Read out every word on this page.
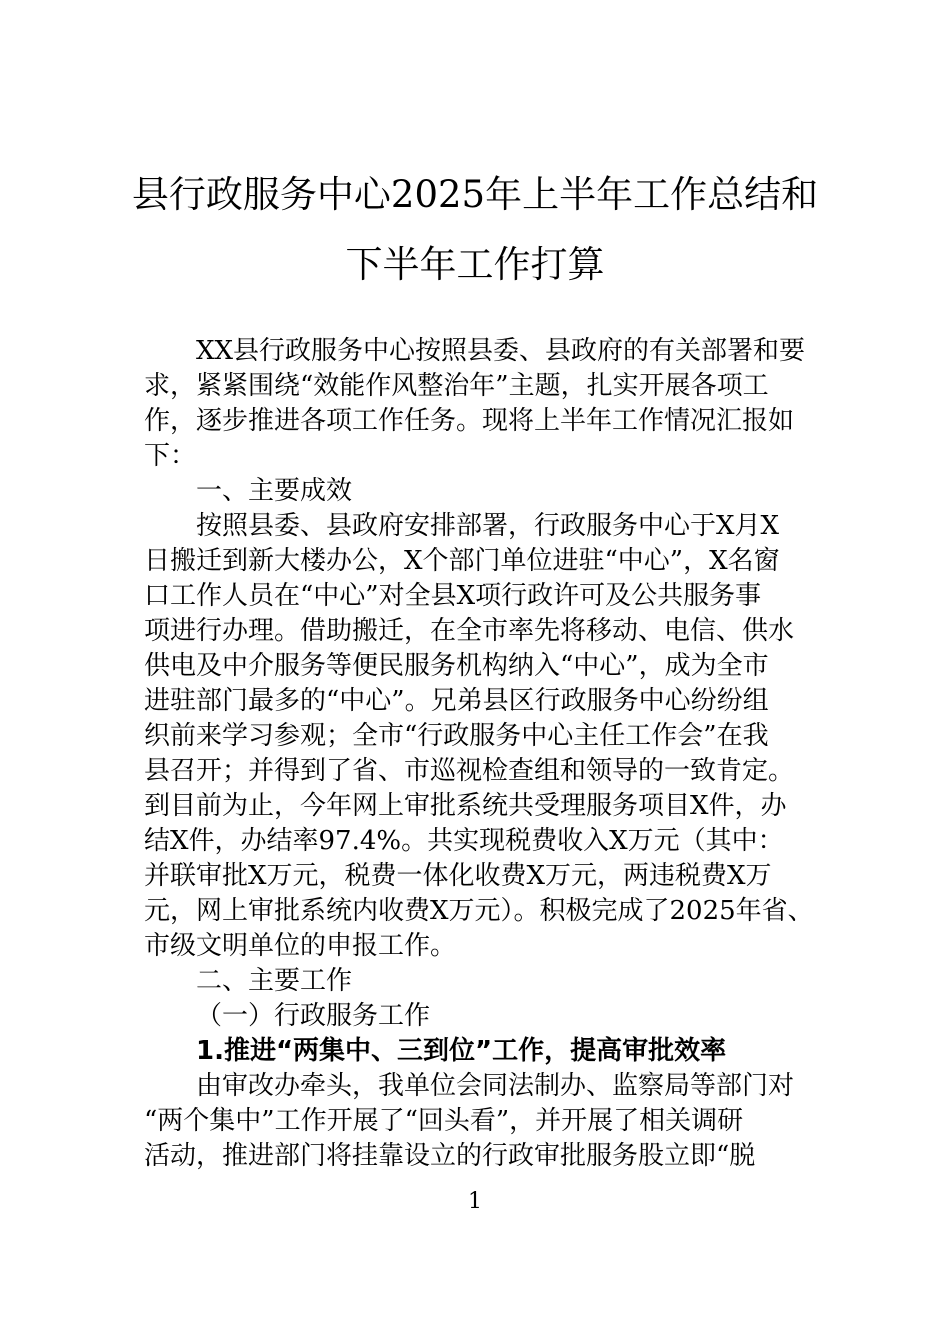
县行政服务中心2025年上半年工作总结和
下半年工作打算
XX县行政服务中心按照县委、县政府的有关部署和要
求，紧紧围绕“效能作风整治年”主题，扎实开展各项工
作，逐步推进各项工作任务。现将上半年工作情况汇报如
下：
一、主要成效
按照县委、县政府安排部署，行政服务中心于X月X
日搬迁到新大楼办公，X个部门单位进驻“中心”，X名窗
口工作人员在“中心”对全县X项行政许可及公共服务事
项进行办理。借助搬迁，在全市率先将移动、电信、供水
供电及中介服务等便民服务机构纳入“中心”，成为全市
进驻部门最多的“中心”。兄弟县区行政服务中心纷纷组
织前来学习参观；全市“行政服务中心主任工作会”在我
县召开；并得到了省、市巡视检查组和领导的一致肯定。
到目前为止，今年网上审批系统共受理服务项目X件，办
结X件，办结率97.4%。共实现税费收入X万元（其中：
并联审批X万元，税费一体化收费X万元，两违税费X万
元，网上审批系统内收费X万元）。积极完成了2025年省、
市级文明单位的申报工作。
二、主要工作
（一）行政服务工作
1.推进“两集中、三到位”工作，提高审批效率
由审改办牵头，我单位会同法制办、监察局等部门对
“两个集中”工作开展了“回头看”，并开展了相关调研
活动，推进部门将挂靠设立的行政审批服务股立即“脱
1
